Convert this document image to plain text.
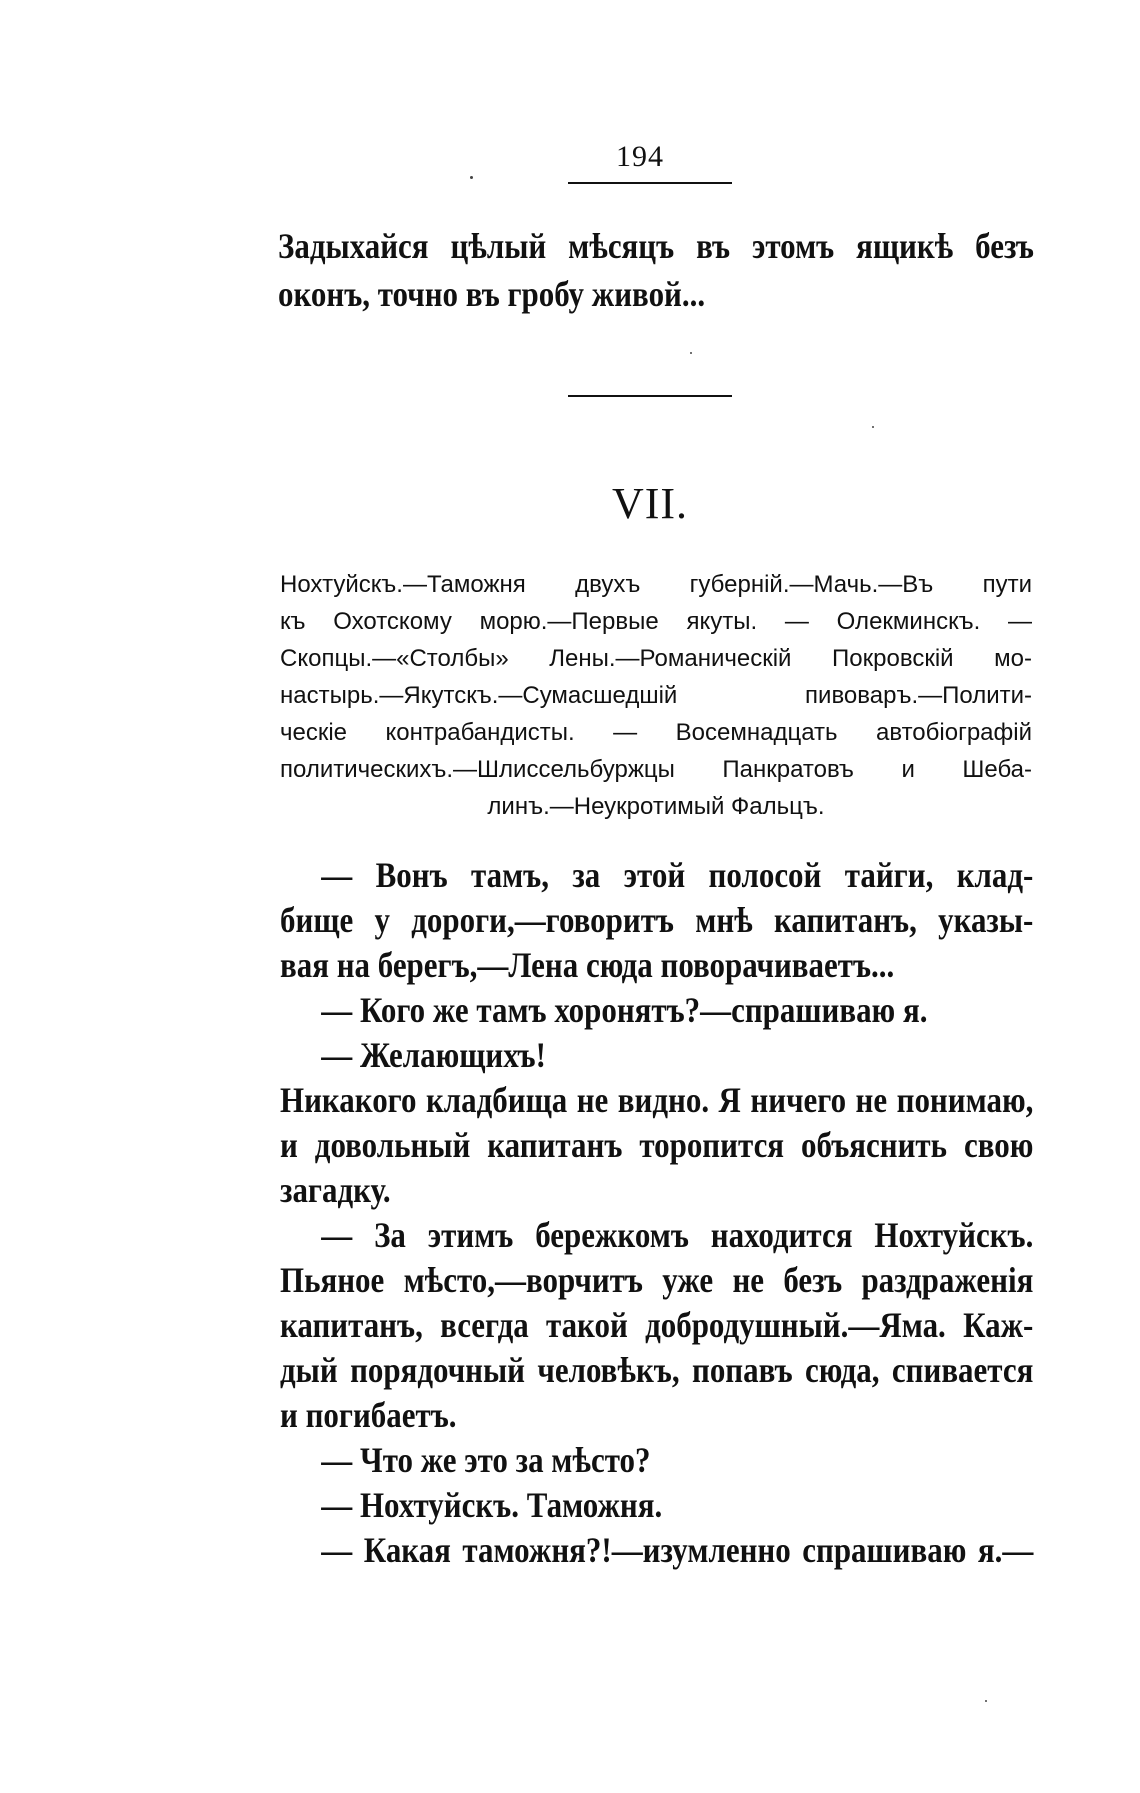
194
Задыхайся цѣлый мѣсяцъ въ этомъ ящикѣ безъ
оконъ, точно въ гробу живой...
VII.
Нохтуйскъ.—Таможня двухъ губерній.—Мачь.—Въ пути
къ Охотскому морю.—Первые якуты. — Олекминскъ. —
Скопцы.—«Столбы» Лены.—Романическій Покровскій мо-
настырь.—Якутскъ.—Сумасшедшій пивоваръ.—Полити-
ческіе контрабандисты. — Восемнадцать автобіографій
политическихъ.—Шлиссельбуржцы Панкратовъ и Шеба-
линъ.—Неукротимый Фальцъ.
— Вонъ тамъ, за этой полосой тайги, клад-
бище у дороги,—говоритъ мнѣ капитанъ, указы-
вая на берегъ,—Лена сюда поворачиваетъ...
— Кого же тамъ хоронятъ?—спрашиваю я.
— Желающихъ!
Никакого кладбища не видно. Я ничего не понимаю,
и довольный капитанъ торопится объяснить свою
загадку.
— За этимъ бережкомъ находится Нохтуйскъ.
Пьяное мѣсто,—ворчитъ уже не безъ раздраженія
капитанъ, всегда такой добродушный.—Яма. Каж-
дый порядочный человѣкъ, попавъ сюда, спивается
и погибаетъ.
— Что же это за мѣсто?
— Нохтуйскъ. Таможня.
— Какая таможня?!—изумленно спрашиваю я.—
